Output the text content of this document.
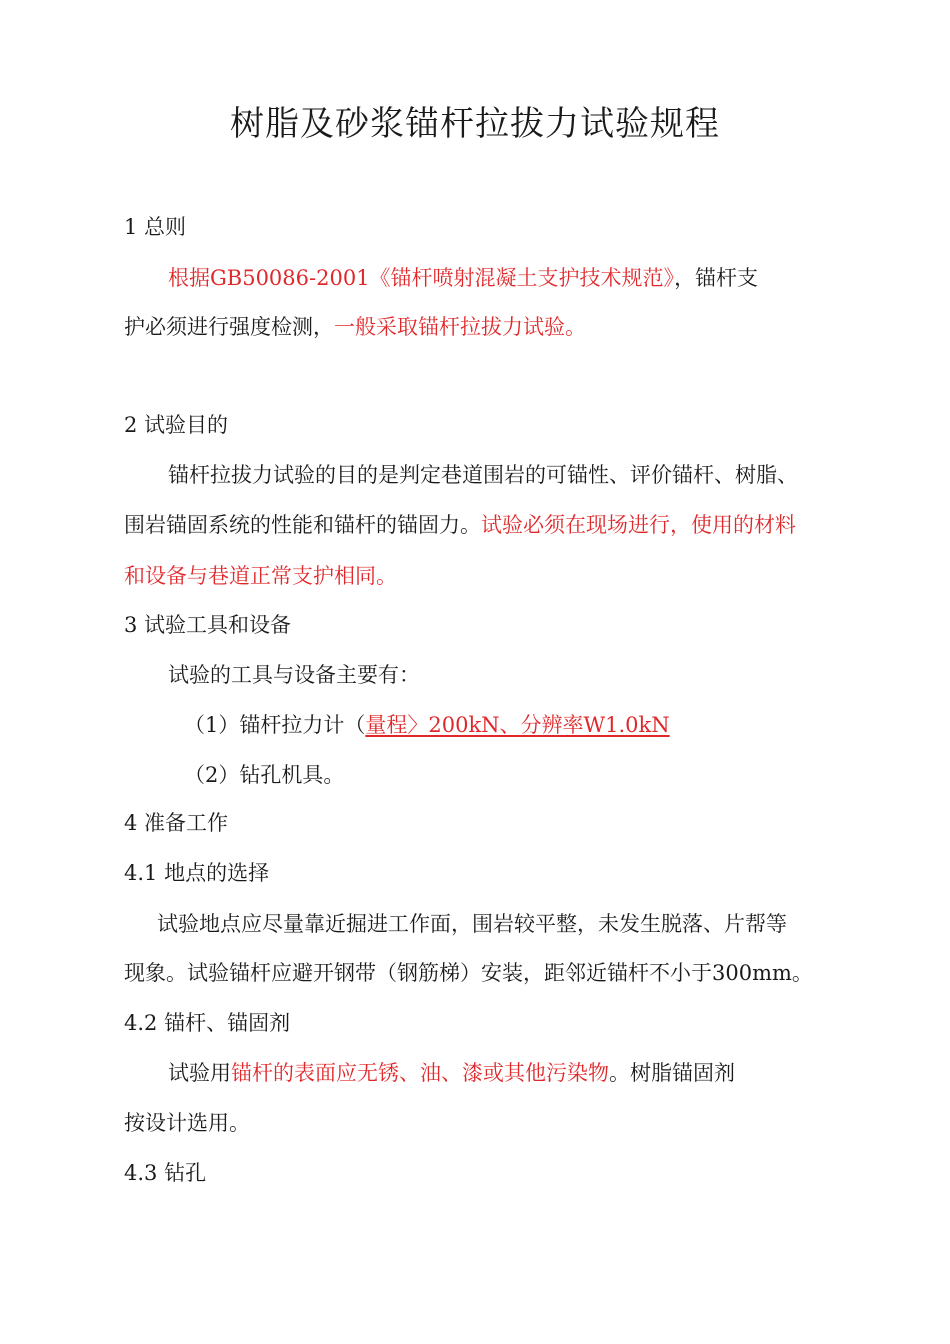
树脂及砂浆锚杆拉拔力试验规程
1 总则
根据GB50086-2001《锚杆喷射混凝土支护技术规范》，锚杆支
护必须进行强度检测，一般采取锚杆拉拔力试验。
2 试验目的
锚杆拉拔力试验的目的是判定巷道围岩的可锚性、评价锚杆、树脂、
围岩锚固系统的性能和锚杆的锚固力。试验必须在现场进行，使用的材料
和设备与巷道正常支护相同。
3 试验工具和设备
试验的工具与设备主要有：
（1）锚杆拉力计（量程〉200kN、分辨率W1.0kN
（2）钻孔机具。
4 准备工作
4.1 地点的选择
试验地点应尽量靠近掘进工作面，围岩较平整，未发生脱落、片帮等
现象。试验锚杆应避开钢带（钢筋梯）安装，距邻近锚杆不小于300mm。
4.2 锚杆、锚固剂
试验用锚杆的表面应无锈、油、漆或其他污染物。树脂锚固剂
按设计选用。
4.3 钻孔
